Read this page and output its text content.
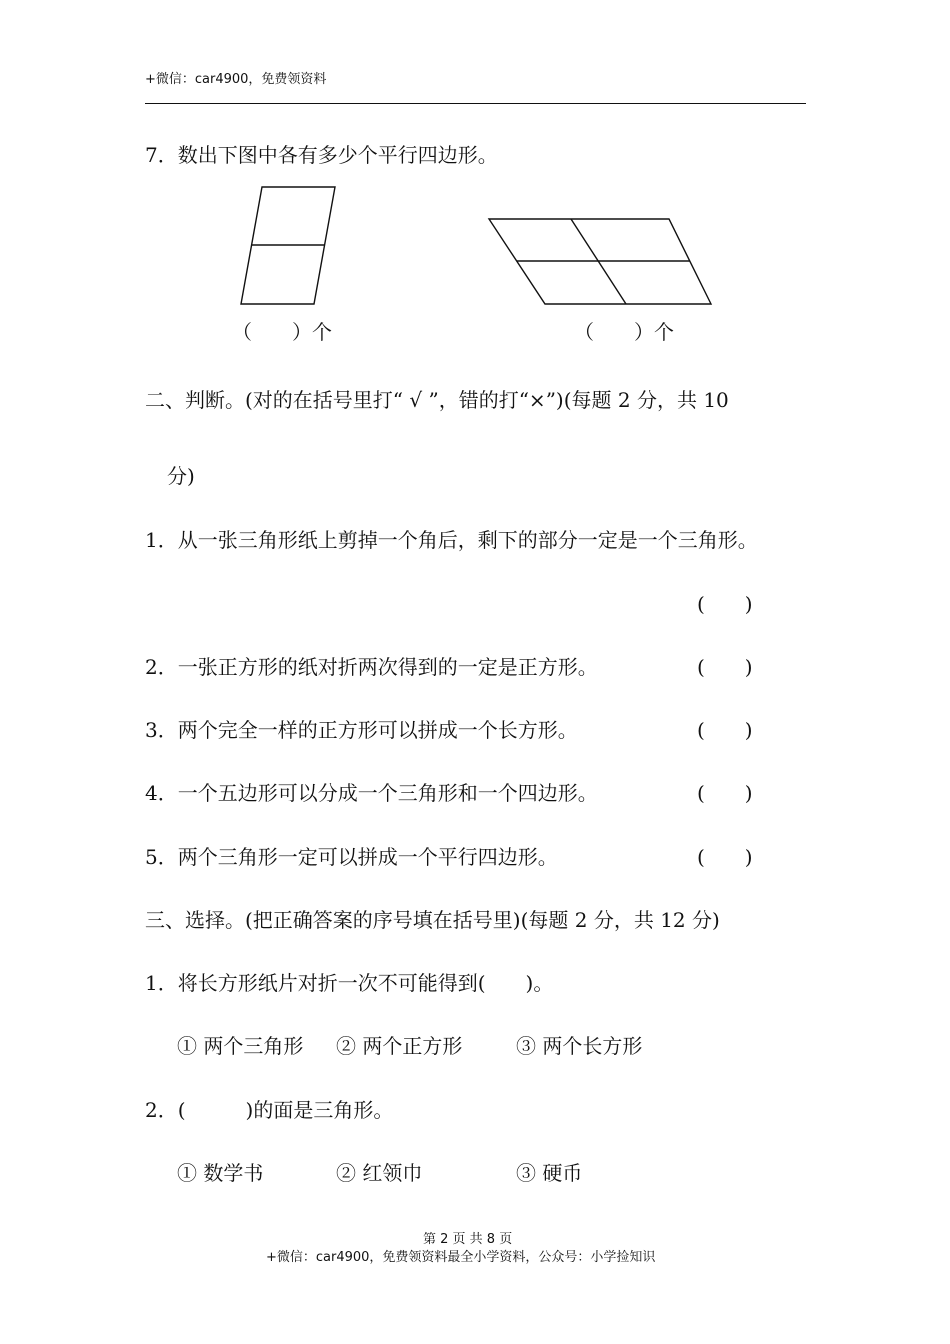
+微信：car4900，免费领资料
7．数出下图中各有多少个平行四边形。
（　　）个	（　　）个
二、判断。(对的在括号里打“ √ ”，错的打“×”)(每题 2 分，共 10
分)
1．从一张三角形纸上剪掉一个角后，剩下的部分一定是一个三角形。
(　　)
2．一张正方形的纸对折两次得到的一定是正方形。	(　　)
3．两个完全一样的正方形可以拼成一个长方形。	(　　)
4．一个五边形可以分成一个三角形和一个四边形。	(　　)
5．两个三角形一定可以拼成一个平行四边形。	(　　)
三、选择。(把正确答案的序号填在括号里)(每题 2 分，共 12 分)
1．将长方形纸片对折一次不可能得到(　　)。
① 两个三角形 ② 两个正方形	③ 两个长方形
2．(　　　)的面是三角形。
① 数学书	② 红领巾	③ 硬币
第 2 页 共 8 页
+微信：car4900，免费领资料最全小学资料，公众号：小学捡知识
